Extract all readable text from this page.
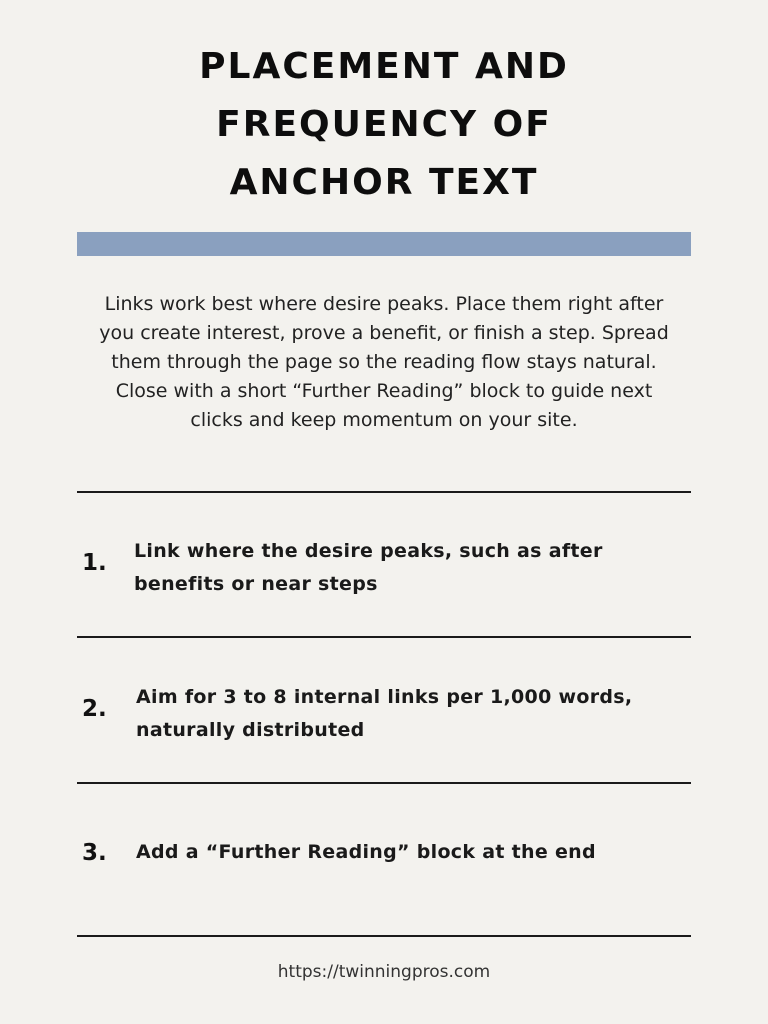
PLACEMENT AND
FREQUENCY OF
ANCHOR TEXT
Links work best where desire peaks. Place them right after you create interest, prove a benefit, or finish a step. Spread them through the page so the reading flow stays natural. Close with a short “Further Reading” block to guide next clicks and keep momentum on your site.
1. Link where the desire peaks, such as after benefits or near steps
2. Aim for 3 to 8 internal links per 1,000 words, naturally distributed
3. Add a “Further Reading” block at the end
https://twinningpros.com
